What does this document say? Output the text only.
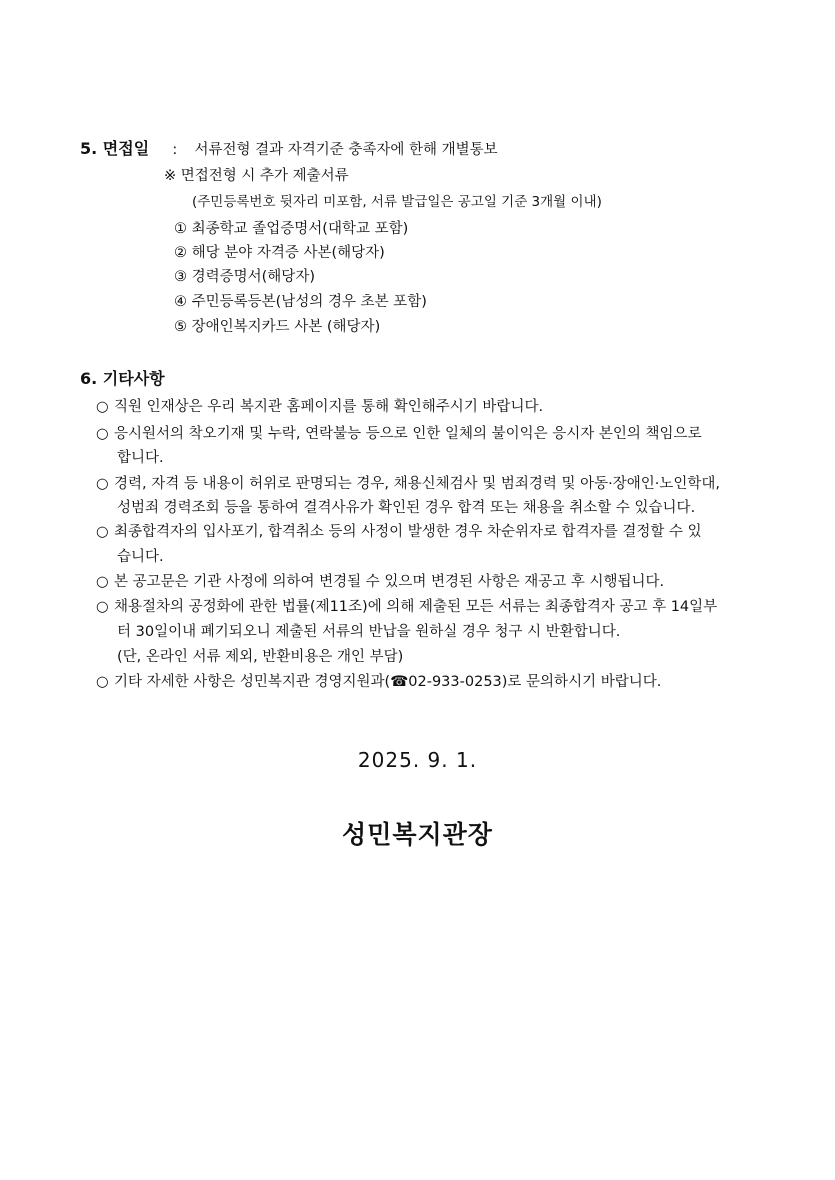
5. 면접일 : 서류전형 결과 자격기준 충족자에 한해 개별통보
※ 면접전형 시 추가 제출서류
(주민등록번호 뒷자리 미포함, 서류 발급일은 공고일 기준 3개월 이내)
① 최종학교 졸업증명서(대학교 포함)
② 해당 분야 자격증 사본(해당자)
③ 경력증명서(해당자)
④ 주민등록등본(남성의 경우 초본 포함)
⑤ 장애인복지카드 사본 (해당자)
6. 기타사항
○ 직원 인재상은 우리 복지관 홈페이지를 통해 확인해주시기 바랍니다.
○ 응시원서의 착오기재 및 누락, 연락불능 등으로 인한 일체의 불이익은 응시자 본인의 책임으로
합니다.
○ 경력, 자격 등 내용이 허위로 판명되는 경우, 채용신체검사 및 범죄경력 및 아동·장애인·노인학대,
성범죄 경력조회 등을 통하여 결격사유가 확인된 경우 합격 또는 채용을 취소할 수 있습니다.
○ 최종합격자의 입사포기, 합격취소 등의 사정이 발생한 경우 차순위자로 합격자를 결정할 수 있
습니다.
○ 본 공고문은 기관 사정에 의하여 변경될 수 있으며 변경된 사항은 재공고 후 시행됩니다.
○ 채용절차의 공정화에 관한 법률(제11조)에 의해 제출된 모든 서류는 최종합격자 공고 후 14일부
터 30일이내 폐기되오니 제출된 서류의 반납을 원하실 경우 청구 시 반환합니다.
(단, 온라인 서류 제외, 반환비용은 개인 부담)
○ 기타 자세한 사항은 성민복지관 경영지원과(☎02-933-0253)로 문의하시기 바랍니다.
2025. 9. 1.
성민복지관장
